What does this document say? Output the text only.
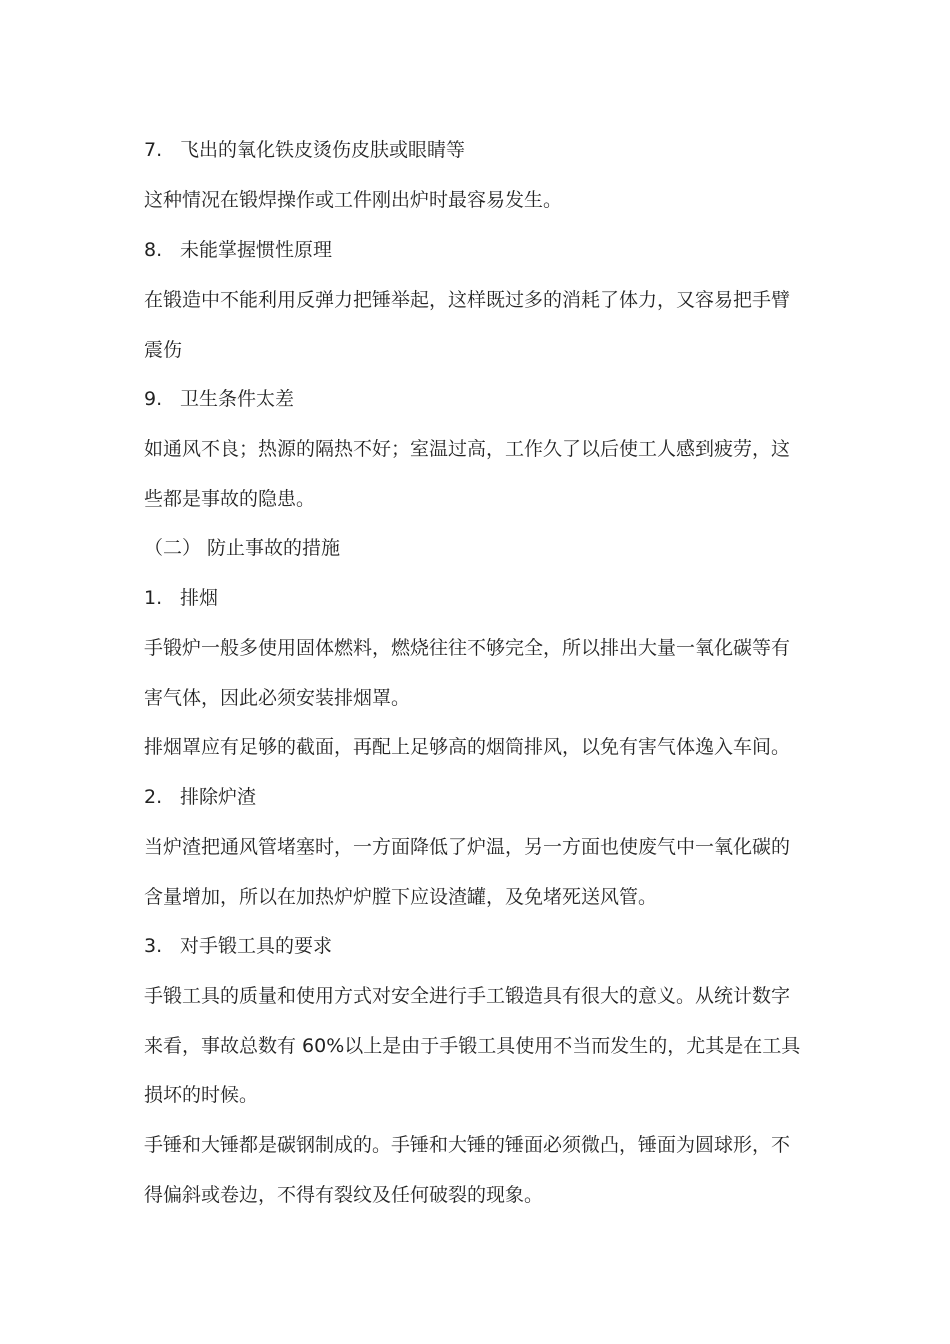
7. 飞出的氧化铁皮烫伤皮肤或眼睛等
这种情况在锻焊操作或工件刚出炉时最容易发生。
8. 未能掌握惯性原理
在锻造中不能利用反弹力把锤举起，这样既过多的消耗了体力，又容易把手臂
震伤
9. 卫生条件太差
如通风不良；热源的隔热不好；室温过高，工作久了以后使工人感到疲劳，这
些都是事故的隐患。
（二） 防止事故的措施
1. 排烟
手锻炉一般多使用固体燃料，燃烧往往不够完全，所以排出大量一氧化碳等有
害气体，因此必须安装排烟罩。
排烟罩应有足够的截面，再配上足够高的烟筒排风，以免有害气体逸入车间。
2. 排除炉渣
当炉渣把通风管堵塞时，一方面降低了炉温，另一方面也使废气中一氧化碳的
含量增加，所以在加热炉炉膛下应设渣罐，及免堵死送风管。
3. 对手锻工具的要求
手锻工具的质量和使用方式对安全进行手工锻造具有很大的意义。从统计数字
来看，事故总数有 60%以上是由于手锻工具使用不当而发生的，尤其是在工具
损坏的时候。
手锤和大锤都是碳钢制成的。手锤和大锤的锤面必须微凸，锤面为圆球形，不
得偏斜或卷边，不得有裂纹及任何破裂的现象。
